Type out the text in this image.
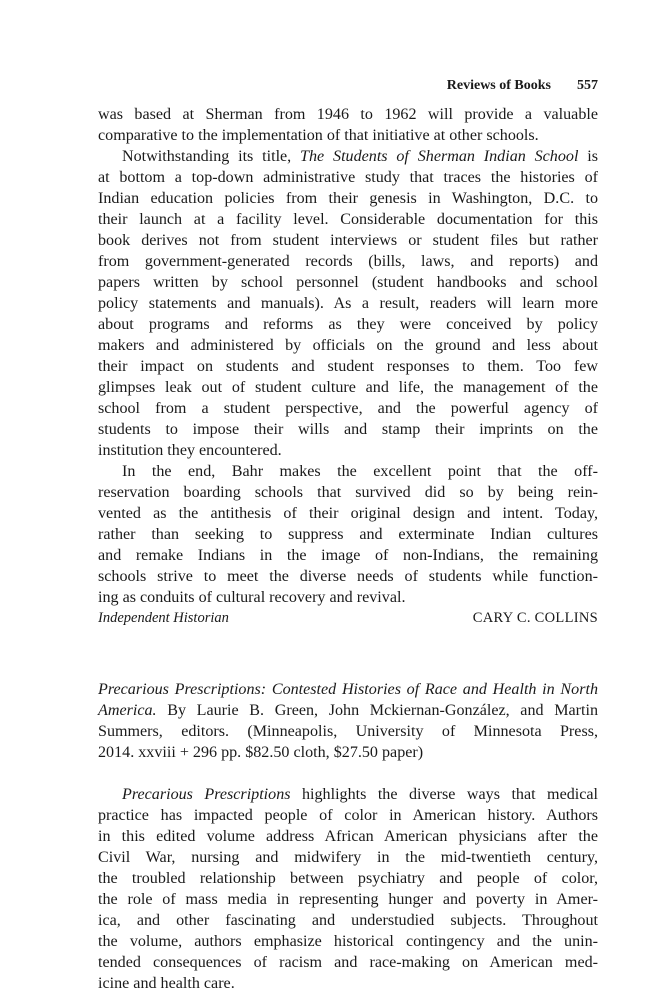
Reviews of Books 557
was based at Sherman from 1946 to 1962 will provide a valuable
comparative to the implementation of that initiative at other schools.
Notwithstanding its title, The Students of Sherman Indian School is
at bottom a top-down administrative study that traces the histories of
Indian education policies from their genesis in Washington, D.C. to
their launch at a facility level. Considerable documentation for this
book derives not from student interviews or student files but rather
from government-generated records (bills, laws, and reports) and
papers written by school personnel (student handbooks and school
policy statements and manuals). As a result, readers will learn more
about programs and reforms as they were conceived by policy
makers and administered by officials on the ground and less about
their impact on students and student responses to them. Too few
glimpses leak out of student culture and life, the management of the
school from a student perspective, and the powerful agency of
students to impose their wills and stamp their imprints on the
institution they encountered.
In the end, Bahr makes the excellent point that the off-
reservation boarding schools that survived did so by being rein-
vented as the antithesis of their original design and intent. Today,
rather than seeking to suppress and exterminate Indian cultures
and remake Indians in the image of non-Indians, the remaining
schools strive to meet the diverse needs of students while function-
ing as conduits of cultural recovery and revival.
Independent Historian	CARY C. COLLINS
Precarious Prescriptions: Contested Histories of Race and Health in North
America. By Laurie B. Green, John Mckiernan-González, and Martin
Summers, editors. (Minneapolis, University of Minnesota Press,
2014. xxviii + 296 pp. $82.50 cloth, $27.50 paper)
Precarious Prescriptions highlights the diverse ways that medical
practice has impacted people of color in American history. Authors
in this edited volume address African American physicians after the
Civil War, nursing and midwifery in the mid-twentieth century,
the troubled relationship between psychiatry and people of color,
the role of mass media in representing hunger and poverty in Amer-
ica, and other fascinating and understudied subjects. Throughout
the volume, authors emphasize historical contingency and the unin-
tended consequences of racism and race-making on American med-
icine and health care.
